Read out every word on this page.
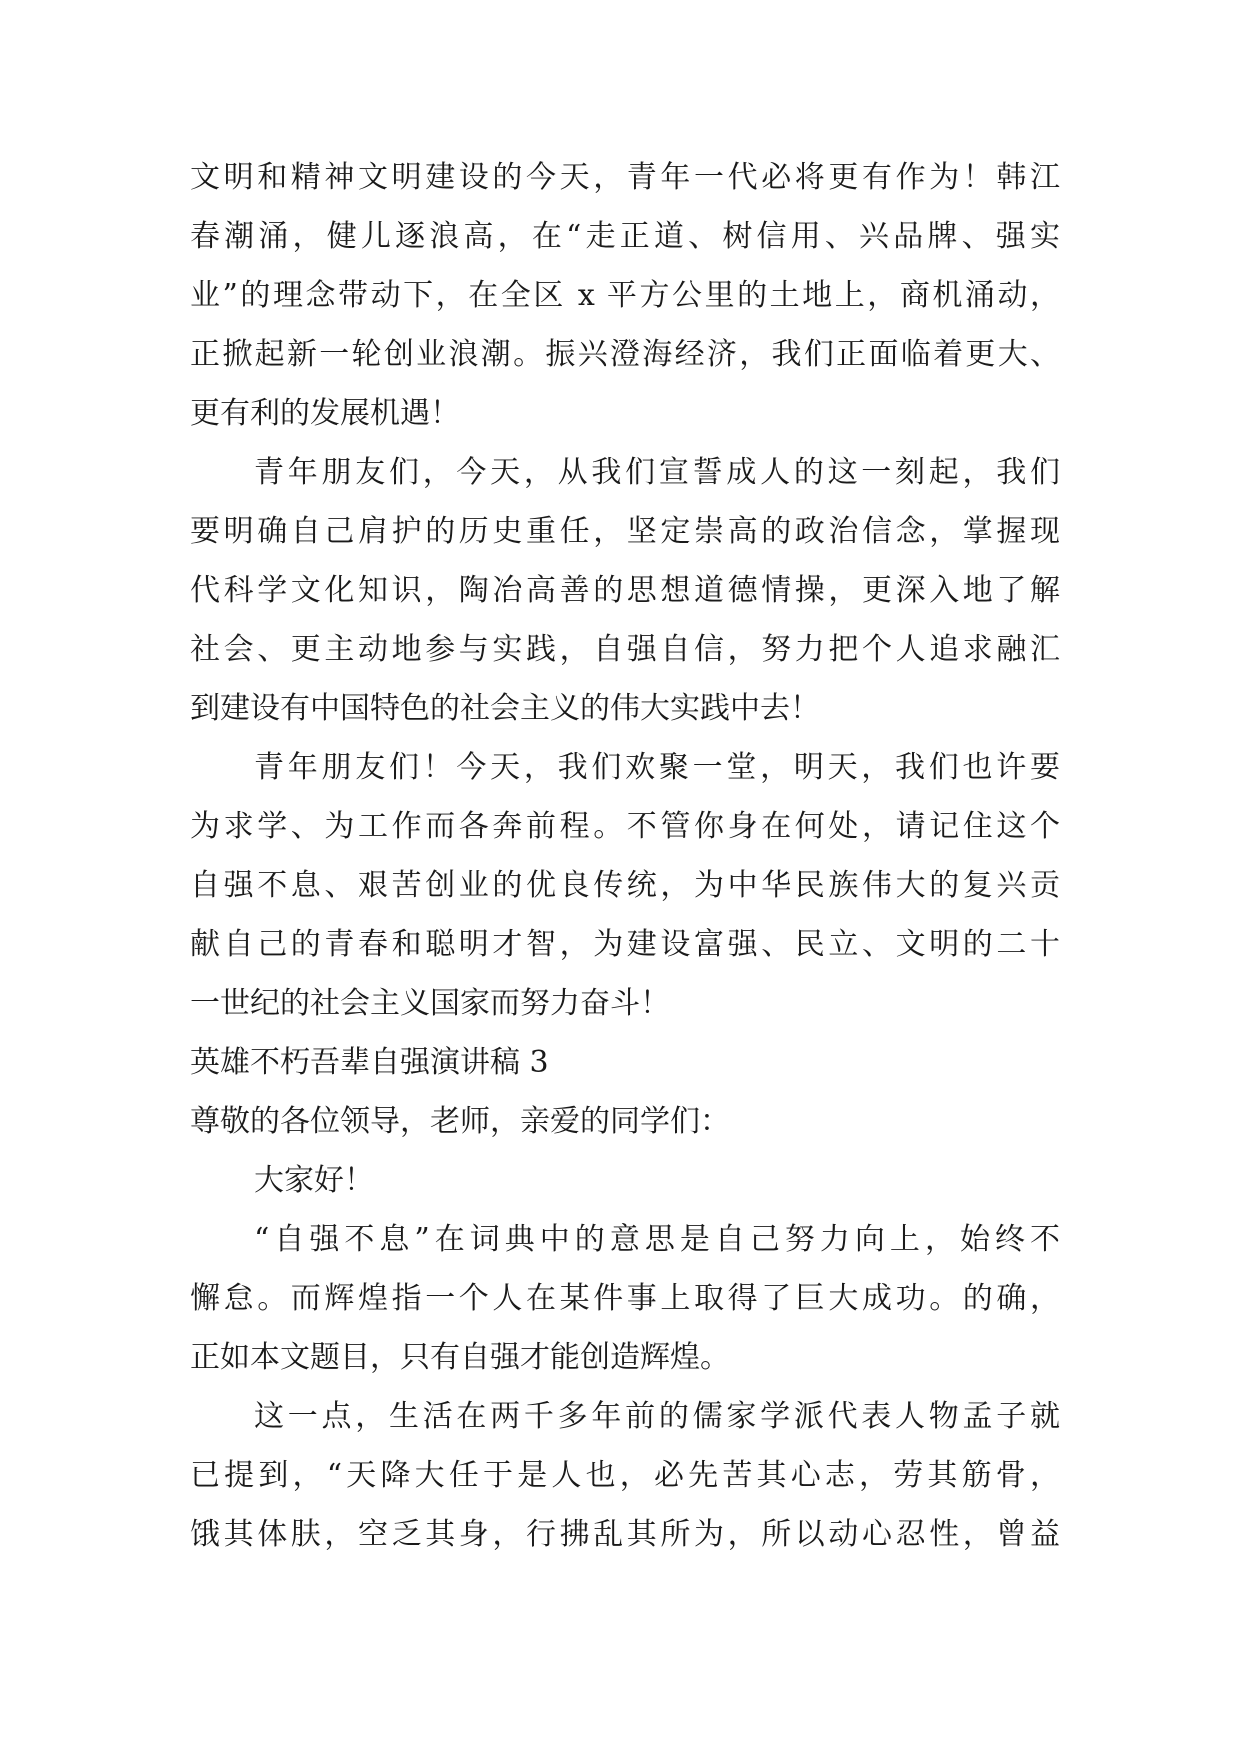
文明和精神文明建设的今天，青年一代必将更有作为！韩江
春潮涌，健儿逐浪高，在“走正道、树信用、兴品牌、强实
业”的理念带动下，在全区 x 平方公里的土地上，商机涌动，
正掀起新一轮创业浪潮。振兴澄海经济，我们正面临着更大、
更有利的发展机遇！
青年朋友们，今天，从我们宣誓成人的这一刻起，我们
要明确自己肩护的历史重任，坚定崇高的政治信念，掌握现
代科学文化知识，陶冶高善的思想道德情操，更深入地了解
社会、更主动地参与实践，自强自信，努力把个人追求融汇
到建设有中国特色的社会主义的伟大实践中去！
青年朋友们！今天，我们欢聚一堂，明天，我们也许要
为求学、为工作而各奔前程。不管你身在何处，请记住这个
自强不息、艰苦创业的优良传统，为中华民族伟大的复兴贡
献自己的青春和聪明才智，为建设富强、民立、文明的二十
一世纪的社会主义国家而努力奋斗！
英雄不朽吾辈自强演讲稿 3
尊敬的各位领导，老师，亲爱的同学们：
大家好！
“自强不息”在词典中的意思是自己努力向上，始终不
懈怠。而辉煌指一个人在某件事上取得了巨大成功。的确，
正如本文题目，只有自强才能创造辉煌。
这一点，生活在两千多年前的儒家学派代表人物孟子就
已提到，“天降大任于是人也，必先苦其心志，劳其筋骨，
饿其体肤，空乏其身，行拂乱其所为，所以动心忍性，曾益
